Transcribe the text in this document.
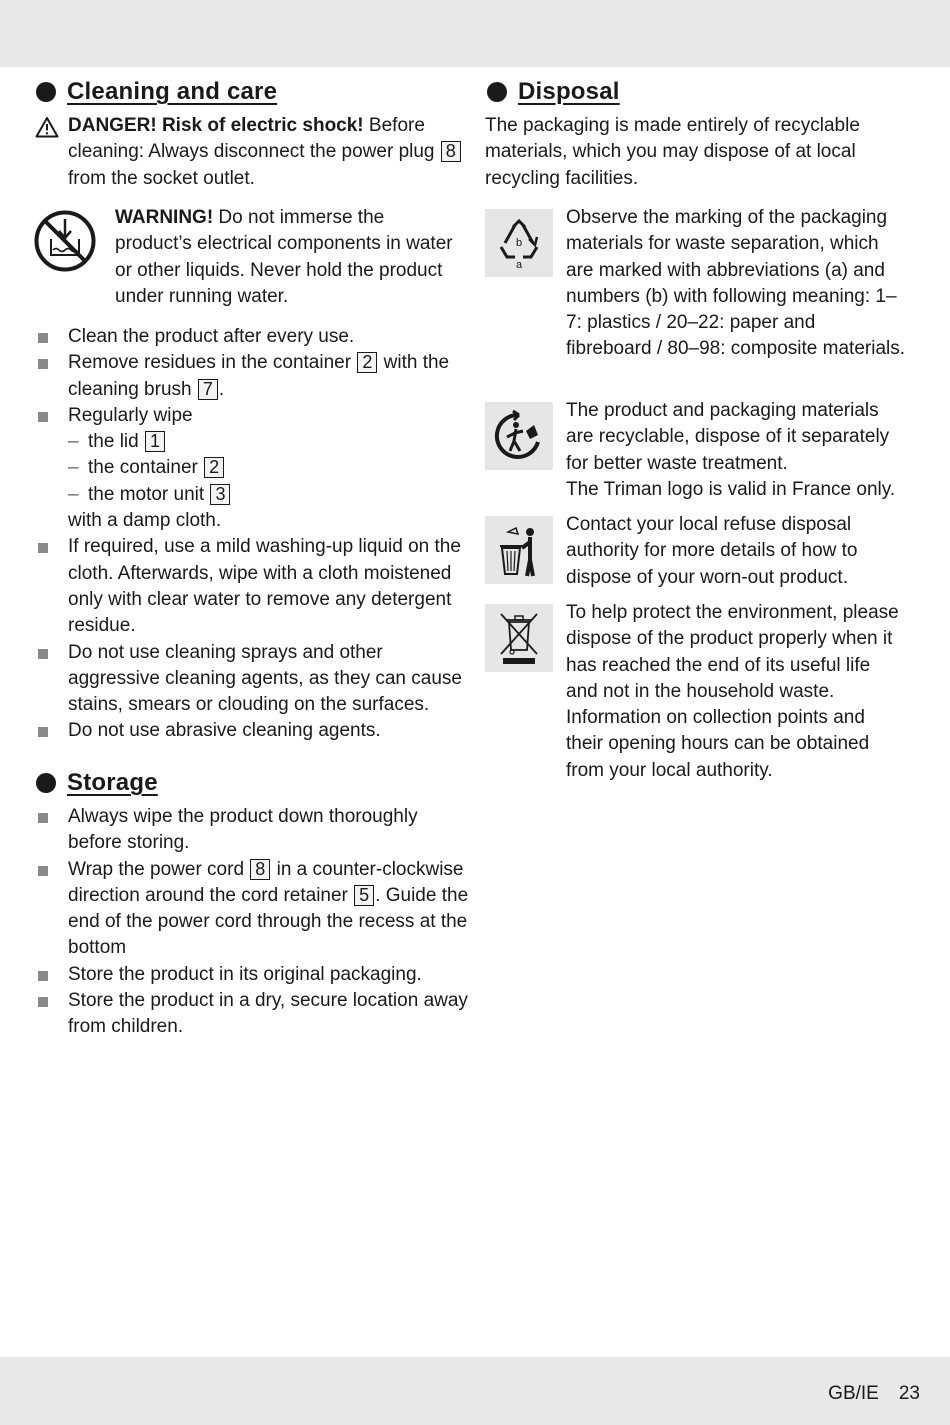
Cleaning and care
DANGER! Risk of electric shock! Before cleaning: Always disconnect the power plug 8 from the socket outlet.
WARNING! Do not immerse the product’s electrical components in water or other liquids. Never hold the product under running water.
Clean the product after every use.
Remove residues in the container 2 with the cleaning brush 7 .
Regularly wipe
– the lid 1
– the container 2
– the motor unit 3
with a damp cloth.
If required, use a mild washing-up liquid on the cloth. Afterwards, wipe with a cloth moistened only with clear water to remove any detergent residue.
Do not use cleaning sprays and other aggressive cleaning agents, as they can cause stains, smears or clouding on the surfaces.
Do not use abrasive cleaning agents.
Storage
Always wipe the product down thoroughly before storing.
Wrap the power cord 8 in a counter-clockwise direction around the cord retainer 5 . Guide the end of the power cord through the recess at the bottom
Store the product in its original packaging.
Store the product in a dry, secure location away from children.
Disposal
The packaging is made entirely of recyclable materials, which you may dispose of at local recycling facilities.
b
a
Observe the marking of the packaging materials for waste separation, which are marked with abbreviations (a) and numbers (b) with following meaning: 1–7: plastics / 20–22: paper and fibreboard / 80–98: composite materials.
The product and packaging materials are recyclable, dispose of it separately for better waste treatment.
The Triman logo is valid in France only.
Contact your local refuse disposal authority for more details of how to dispose of your worn-out product.
To help protect the environment, please dispose of the product properly when it has reached the end of its useful life and not in the household waste. Information on collection points and their opening hours can be obtained from your local authority.
GB/IE 23
